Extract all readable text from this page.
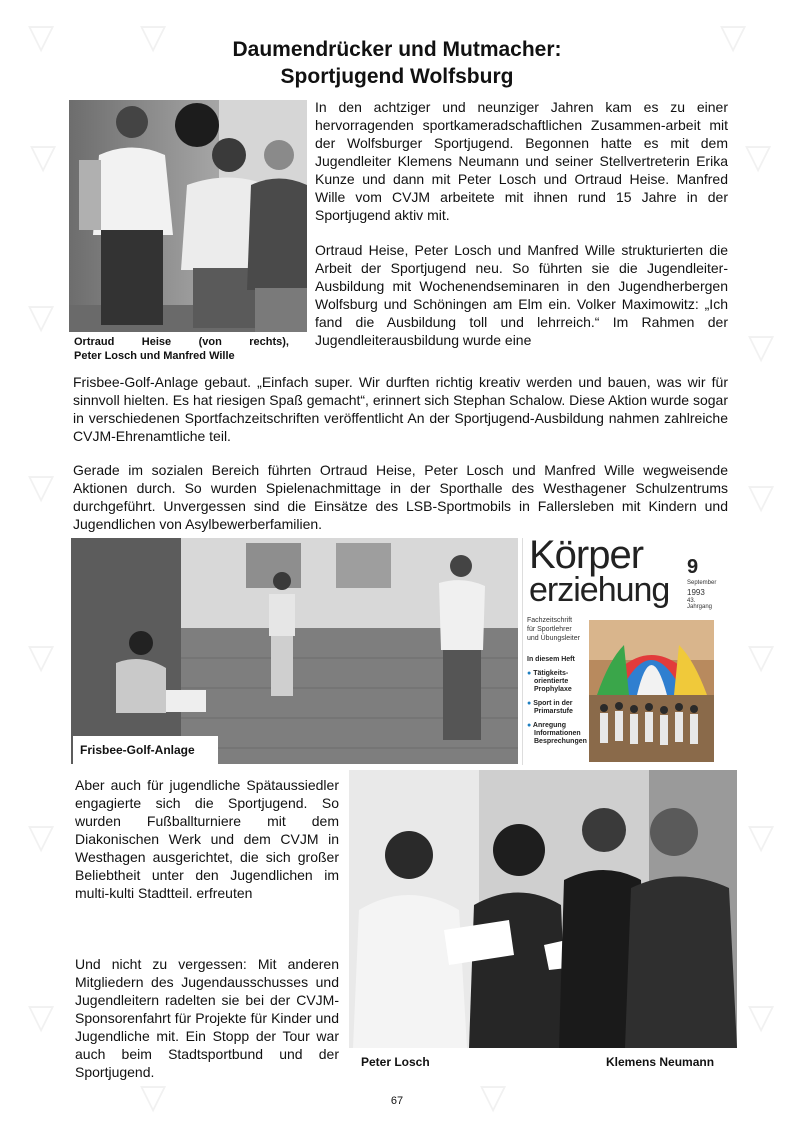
▽	▽	▽
▽	▽
▽
▽
▽	▽
▽	▽
▽	▽
▽	▽
▽	▽
Daumendrücker und Mutmacher:
Sportjugend Wolfsburg
Ortraud Heise (von rechts),
Peter Losch und Manfred Wille

In den achtziger und neunziger Jahren kam es zu einer hervorragenden sportkameradschaftlichen Zusammen-arbeit mit der Wolfsburger Sportjugend. Begonnen hatte es mit dem Jugendleiter Klemens Neumann und seiner Stellvertreterin Erika Kunze und dann mit Peter Losch und Ortraud Heise. Manfred Wille vom CVJM arbeitete mit ihnen rund 15 Jahre in der Sportjugend aktiv mit.

Ortraud Heise, Peter Losch und Manfred Wille strukturierten die Arbeit der Sportjugend neu. So führten sie die Jugendleiter-Ausbildung mit Wochenendseminaren in den Jugendherbergen Wolfsburg und Schöningen am Elm ein. Volker Maximowitz: „Ich fand die Ausbildung toll und lehrreich.“ Im Rahmen der Jugendleiterausbildung wurde eine

Frisbee-Golf-Anlage gebaut. „Einfach super. Wir durften richtig kreativ werden und bauen, was wir für sinnvoll hielten. Es hat riesigen Spaß gemacht“, erinnert sich Stephan Schalow. Diese Aktion wurde sogar in verschiedenen Sportfachzeitschriften veröffentlicht An der Sportjugend-Ausbildung nahmen zahlreiche CVJM-Ehrenamtliche teil.

Gerade im sozialen Bereich führten Ortraud Heise, Peter Losch und Manfred Wille wegweisende Aktionen durch. So wurden Spielenachmittage in der Sporthalle des Westhagener Schulzentrums durchgeführt. Unvergessen sind die Einsätze des LSB-Sportmobils in Fallersleben mit Kindern und Jugendlichen von Asylbewerberfamilien.

Frisbee-Golf-Anlage
Körper
erziehung
9
September
1993
43. Jahrgang
Fachzeitschrift
für Sportlehrer
und Übungsleiter
In diesem Heft
● Tätigkeits-
orientierte
Prophylaxe
● Sport in der
Primarstufe
● Anregung
Informationen
Besprechungen

Aber auch für jugendliche Spätaussiedler engagierte sich die Sportjugend. So wurden Fußballturniere mit dem Diakonischen Werk und dem CVJM in Westhagen ausgerichtet, die sich großer Beliebtheit unter den Jugendlichen im multi-kulti Stadtteil. erfreuten

Und nicht zu vergessen: Mit anderen Mitgliedern des Jugendausschusses und Jugendleitern radelten sie bei der CVJM-Sponsorenfahrt für Projekte für Kinder und Jugendliche mit. Ein Stopp der Tour war auch beim Stadtsportbund und der Sportjugend.

Peter Losch	Klemens Neumann
67
